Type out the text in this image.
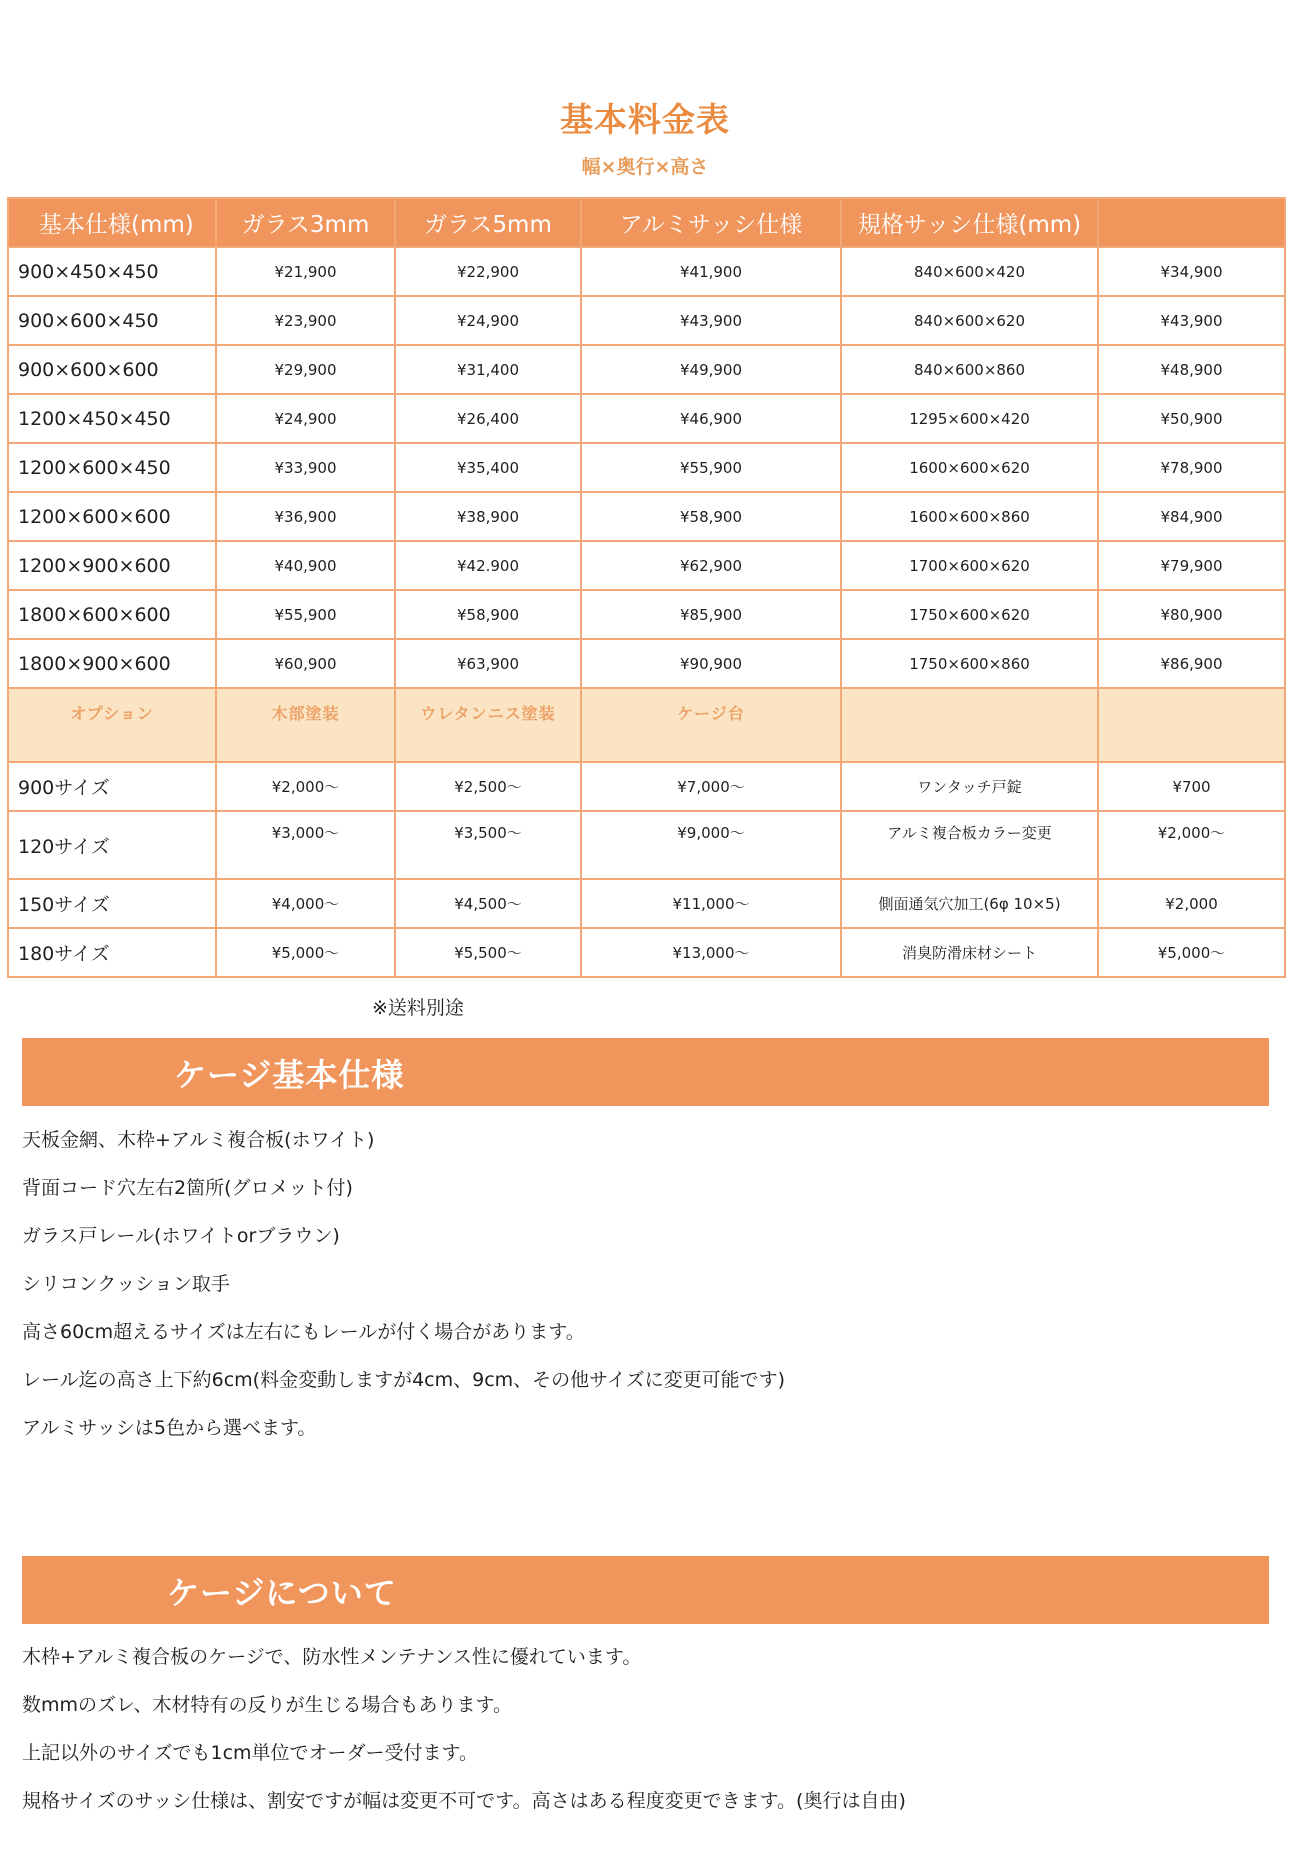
基本料金表
幅×奥行×高さ
基本仕様(mm)	ガラス3mm	ガラス5mm	アルミサッシ仕様	規格サッシ仕様(mm)	
900×450×450	¥21,900	¥22,900	¥41,900	840×600×420	¥34,900
900×600×450	¥23,900	¥24,900	¥43,900	840×600×620	¥43,900
900×600×600	¥29,900	¥31,400	¥49,900	840×600×860	¥48,900
1200×450×450	¥24,900	¥26,400	¥46,900	1295×600×420	¥50,900
1200×600×450	¥33,900	¥35,400	¥55,900	1600×600×620	¥78,900
1200×600×600	¥36,900	¥38,900	¥58,900	1600×600×860	¥84,900
1200×900×600	¥40,900	¥42.900	¥62,900	1700×600×620	¥79,900
1800×600×600	¥55,900	¥58,900	¥85,900	1750×600×620	¥80,900
1800×900×600	¥60,900	¥63,900	¥90,900	1750×600×860	¥86,900
オプション	木部塗装	ウレタンニス塗装	ケージ台		
900サイズ	¥2,000〜	¥2,500〜	¥7,000〜	ワンタッチ戸錠	¥700
120サイズ	¥3,000〜	¥3,500〜	¥9,000〜	アルミ複合板カラー変更	¥2,000〜
150サイズ	¥4,000〜	¥4,500〜	¥11,000〜	側面通気穴加工(6φ 10×5)	¥2,000
180サイズ	¥5,000〜	¥5,500〜	¥13,000〜	消臭防滑床材シート	¥5,000〜
※送料別途
ケージ基本仕様
天板金網、木枠+アルミ複合板(ホワイト)
背面コード穴左右2箇所(グロメット付)
ガラス戸レール(ホワイトorブラウン)
シリコンクッション取手
高さ60cm超えるサイズは左右にもレールが付く場合があります。
レール迄の高さ上下約6cm(料金変動しますが4cm、9cm、その他サイズに変更可能です)
アルミサッシは5色から選べます。
ケージについて
木枠+アルミ複合板のケージで、防水性メンテナンス性に優れています。
数mmのズレ、木材特有の反りが生じる場合もあります。
上記以外のサイズでも1cm単位でオーダー受付ます。
規格サイズのサッシ仕様は、割安ですが幅は変更不可です。高さはある程度変更できます。(奥行は自由)
